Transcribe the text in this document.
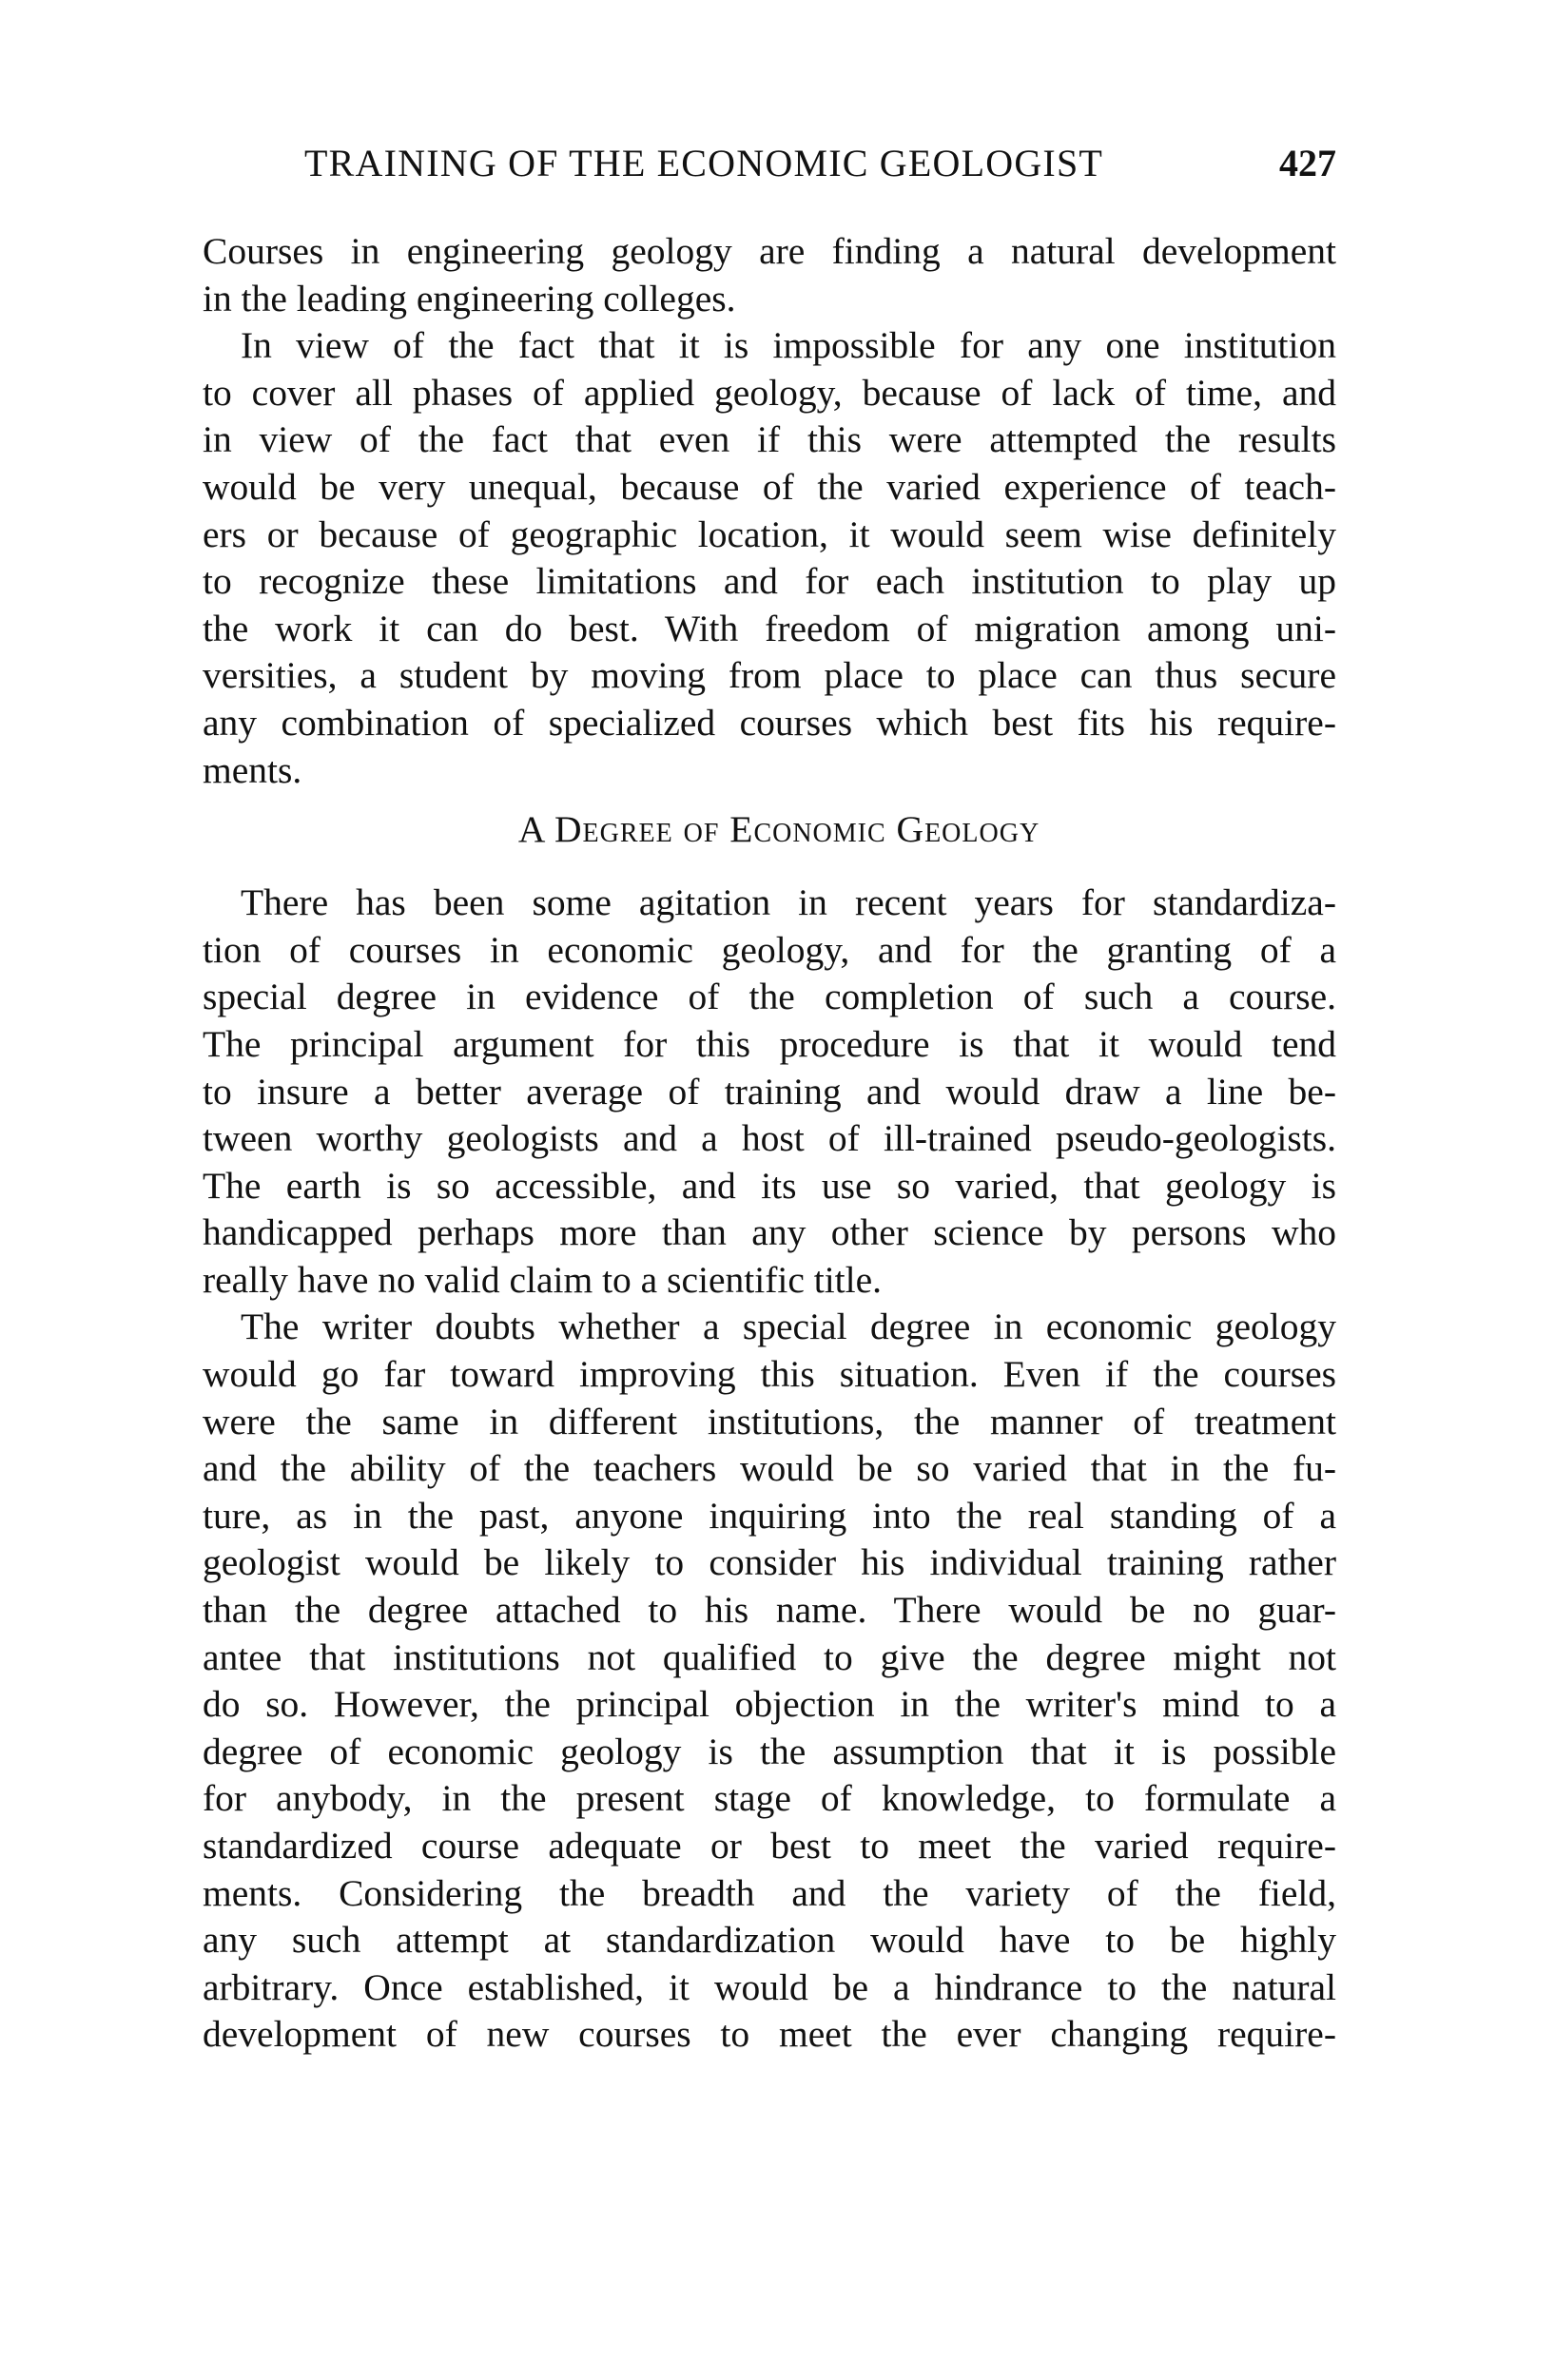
TRAINING OF THE ECONOMIC GEOLOGIST	427
Courses in engineering geology are finding a natural development
in the leading engineering colleges.
In view of the fact that it is impossible for any one institution
to cover all phases of applied geology, because of lack of time, and
in view of the fact that even if this were attempted the results
would be very unequal, because of the varied experience of teach-
ers or because of geographic location, it would seem wise definitely
to recognize these limitations and for each institution to play up
the work it can do best. With freedom of migration among uni-
versities, a student by moving from place to place can thus secure
any combination of specialized courses which best fits his require-
ments.
A Degree of Economic Geology
There has been some agitation in recent years for standardiza-
tion of courses in economic geology, and for the granting of a
special degree in evidence of the completion of such a course.
The principal argument for this procedure is that it would tend
to insure a better average of training and would draw a line be-
tween worthy geologists and a host of ill-trained pseudo-geologists.
The earth is so accessible, and its use so varied, that geology is
handicapped perhaps more than any other science by persons who
really have no valid claim to a scientific title.
The writer doubts whether a special degree in economic geology
would go far toward improving this situation. Even if the courses
were the same in different institutions, the manner of treatment
and the ability of the teachers would be so varied that in the fu-
ture, as in the past, anyone inquiring into the real standing of a
geologist would be likely to consider his individual training rather
than the degree attached to his name. There would be no guar-
antee that institutions not qualified to give the degree might not
do so. However, the principal objection in the writer's mind to a
degree of economic geology is the assumption that it is possible
for anybody, in the present stage of knowledge, to formulate a
standardized course adequate or best to meet the varied require-
ments. Considering the breadth and the variety of the field,
any such attempt at standardization would have to be highly
arbitrary. Once established, it would be a hindrance to the natural
development of new courses to meet the ever changing require-
